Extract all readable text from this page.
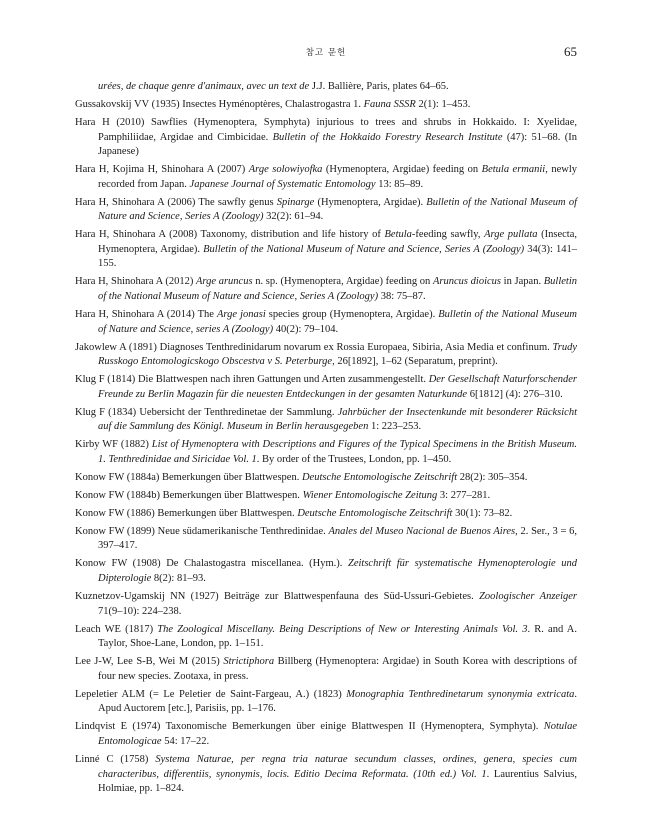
참고 문헌	65

urées, de chaque genre d'animaux, avec un text de J.J. Ballière, Paris, plates 64–65.

Gussakovskij VV (1935) Insectes Hyménoptères, Chalastrogastra 1. Fauna SSSR 2(1): 1–453.

Hara H (2010) Sawflies (Hymenoptera, Symphyta) injurious to trees and shrubs in Hokkaido. I: Xyelidae, Pamphiliidae, Argidae and Cimbicidae. Bulletin of the Hokkaido Forestry Research Institute (47): 51–68. (In Japanese)

Hara H, Kojima H, Shinohara A (2007) Arge solowiyofka (Hymenoptera, Argidae) feeding on Betula ermanii, newly recorded from Japan. Japanese Journal of Systematic Entomology 13: 85–89.

Hara H, Shinohara A (2006) The sawfly genus Spinarge (Hymenoptera, Argidae). Bulletin of the National Museum of Nature and Science, Series A (Zoology) 32(2): 61–94.

Hara H, Shinohara A (2008) Taxonomy, distribution and life history of Betula-feeding sawfly, Arge pullata (Insecta, Hymenoptera, Argidae). Bulletin of the National Museum of Nature and Science, Series A (Zoology) 34(3): 141–155.

Hara H, Shinohara A (2012) Arge aruncus n. sp. (Hymenoptera, Argidae) feeding on Aruncus dioicus in Japan. Bulletin of the National Museum of Nature and Science, Series A (Zoology) 38: 75–87.

Hara H, Shinohara A (2014) The Arge jonasi species group (Hymenoptera, Argidae). Bulletin of the National Museum of Nature and Science, series A (Zoology) 40(2): 79–104.

Jakowlew A (1891) Diagnoses Tenthredinidarum novarum ex Rossia Europaea, Sibiria, Asia Media et confinum. Trudy Russkogo Entomologicskogo Obscestva v S. Peterburge, 26[1892], 1–62 (Separatum, preprint).

Klug F (1814) Die Blattwespen nach ihren Gattungen und Arten zusammengestellt. Der Gesellschaft Naturforschender Freunde zu Berlin Magazin für die neuesten Entdeckungen in der gesamten Naturkunde 6[1812] (4): 276–310.

Klug F (1834) Uebersicht der Tenthredinetae der Sammlung. Jahrbücher der Insectenkunde mit besonderer Rücksicht auf die Sammlung des Königl. Museum in Berlin herausgegeben 1: 223–253.

Kirby WF (1882) List of Hymenoptera with Descriptions and Figures of the Typical Specimens in the British Museum. 1. Tenthredinidae and Siricidae Vol. 1. By order of the Trustees, London, pp. 1–450.

Konow FW (1884a) Bemerkungen über Blattwespen. Deutsche Entomologische Zeitschrift 28(2): 305–354.

Konow FW (1884b) Bemerkungen über Blattwespen. Wiener Entomologische Zeitung 3: 277–281.

Konow FW (1886) Bemerkungen über Blattwespen. Deutsche Entomologische Zeitschrift 30(1): 73–82.

Konow FW (1899) Neue südamerikanische Tenthredinidae. Anales del Museo Nacional de Buenos Aires, 2. Ser., 3 = 6, 397–417.

Konow FW (1908) De Chalastogastra miscellanea. (Hym.). Zeitschrift für systematische Hymenopterologie und Dipterologie 8(2): 81–93.

Kuznetzov-Ugamskij NN (1927) Beiträge zur Blattwespenfauna des Süd-Ussuri-Gebietes. Zoologischer Anzeiger 71(9–10): 224–238.

Leach WE (1817) The Zoological Miscellany. Being Descriptions of New or Interesting Animals Vol. 3. R. and A. Taylor, Shoe-Lane, London, pp. 1–151.

Lee J-W, Lee S-B, Wei M (2015) Strictiphora Billberg (Hymenoptera: Argidae) in South Korea with descriptions of four new species. Zootaxa, in press.

Lepeletier ALM (= Le Peletier de Saint-Fargeau, A.) (1823) Monographia Tenthredinetarum synonymia extricata. Apud Auctorem [etc.], Parisiis, pp. 1–176.

Lindqvist E (1974) Taxonomische Bemerkungen über einige Blattwespen II (Hymenoptera, Symphyta). Notulae Entomologicae 54: 17–22.

Linné C (1758) Systema Naturae, per regna tria naturae secundum classes, ordines, genera, species cum characteribus, differentiis, synonymis, locis. Editio Decima Reformata. (10th ed.) Vol. 1. Laurentius Salvius, Holmiae, pp. 1–824.
